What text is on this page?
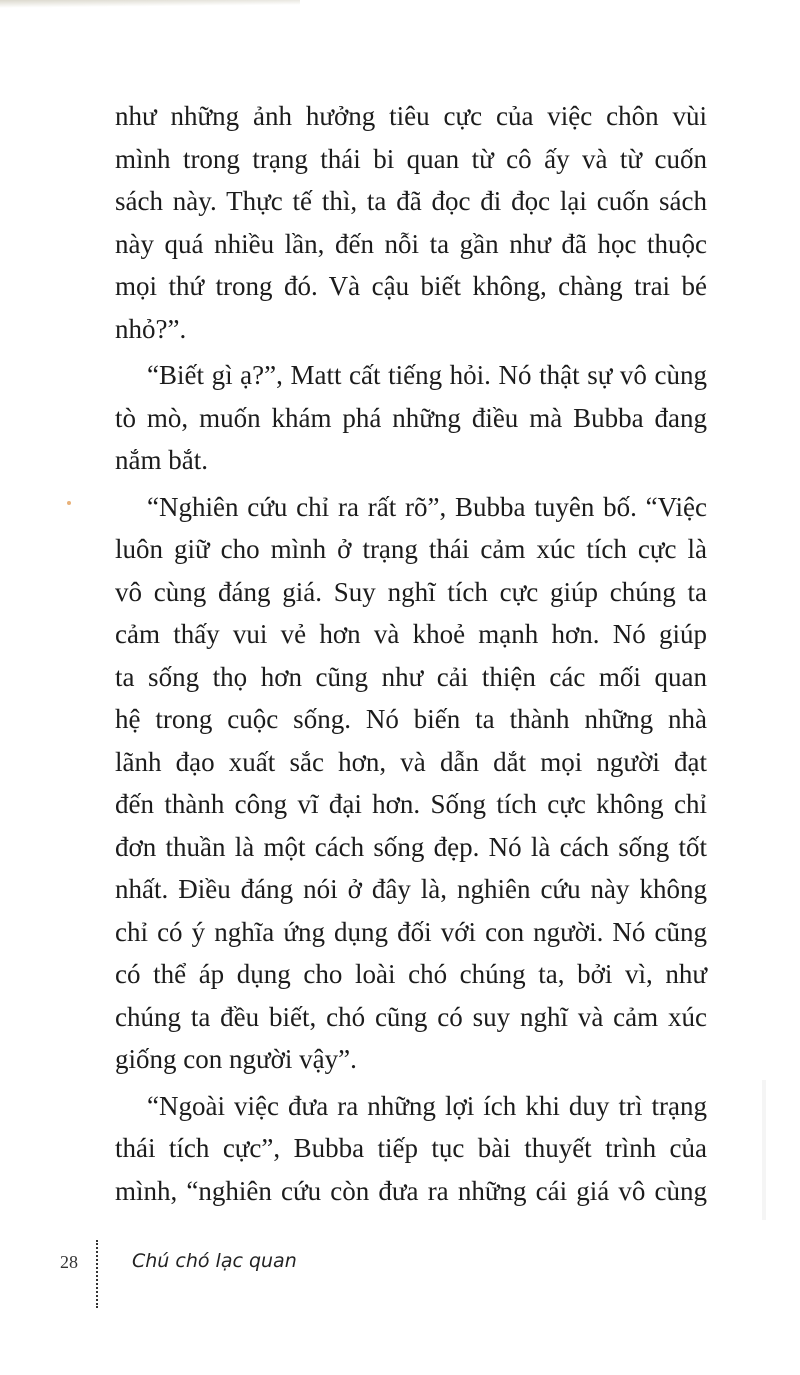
như những ảnh hưởng tiêu cực của việc chôn vùi
mình trong trạng thái bi quan từ cô ấy và từ cuốn
sách này. Thực tế thì, ta đã đọc đi đọc lại cuốn sách
này quá nhiều lần, đến nỗi ta gần như đã học thuộc
mọi thứ trong đó. Và cậu biết không, chàng trai bé
nhỏ?”.
“Biết gì ạ?”, Matt cất tiếng hỏi. Nó thật sự vô cùng
tò mò, muốn khám phá những điều mà Bubba đang
nắm bắt.
“Nghiên cứu chỉ ra rất rõ”, Bubba tuyên bố. “Việc
luôn giữ cho mình ở trạng thái cảm xúc tích cực là
vô cùng đáng giá. Suy nghĩ tích cực giúp chúng ta
cảm thấy vui vẻ hơn và khoẻ mạnh hơn. Nó giúp
ta sống thọ hơn cũng như cải thiện các mối quan
hệ trong cuộc sống. Nó biến ta thành những nhà
lãnh đạo xuất sắc hơn, và dẫn dắt mọi người đạt
đến thành công vĩ đại hơn. Sống tích cực không chỉ
đơn thuần là một cách sống đẹp. Nó là cách sống tốt
nhất. Điều đáng nói ở đây là, nghiên cứu này không
chỉ có ý nghĩa ứng dụng đối với con người. Nó cũng
có thể áp dụng cho loài chó chúng ta, bởi vì, như
chúng ta đều biết, chó cũng có suy nghĩ và cảm xúc
giống con người vậy”.
“Ngoài việc đưa ra những lợi ích khi duy trì trạng
thái tích cực”, Bubba tiếp tục bài thuyết trình của
mình, “nghiên cứu còn đưa ra những cái giá vô cùng
28	Chú chó lạc quan
